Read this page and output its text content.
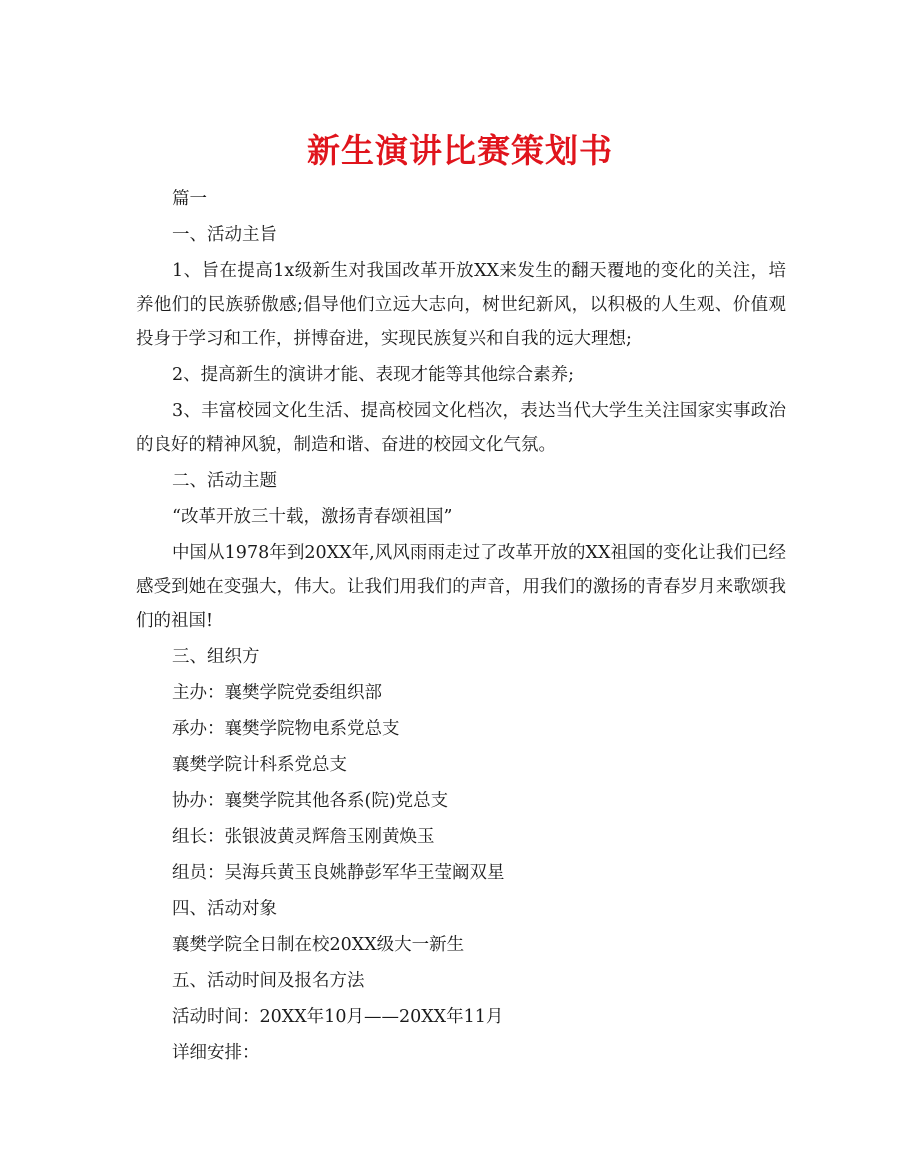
新生演讲比赛策划书

篇一

一、活动主旨

1、旨在提高1x级新生对我国改革开放XX来发生的翻天覆地的变化的关注，培养他们的民族骄傲感;倡导他们立远大志向，树世纪新风，以积极的人生观、价值观投身于学习和工作，拼博奋进，实现民族复兴和自我的远大理想;

2、提高新生的演讲才能、表现才能等其他综合素养;

3、丰富校园文化生活、提高校园文化档次，表达当代大学生关注国家实事政治的良好的精神风貌，制造和谐、奋进的校园文化气氛。

二、活动主题

“改革开放三十载，激扬青春颂祖国”

中国从1978年到20XX年,风风雨雨走过了改革开放的XX祖国的变化让我们已经感受到她在变强大，伟大。让我们用我们的声音，用我们的激扬的青春岁月来歌颂我们的祖国!

三、组织方

主办：襄樊学院党委组织部

承办：襄樊学院物电系党总支

襄樊学院计科系党总支

协办：襄樊学院其他各系(院)党总支

组长：张银波黄灵辉詹玉刚黄焕玉

组员：吴海兵黄玉良姚静彭军华王莹阚双星

四、活动对象

襄樊学院全日制在校20XX级大一新生

五、活动时间及报名方法

活动时间：20XX年10月——20XX年11月

详细安排：
